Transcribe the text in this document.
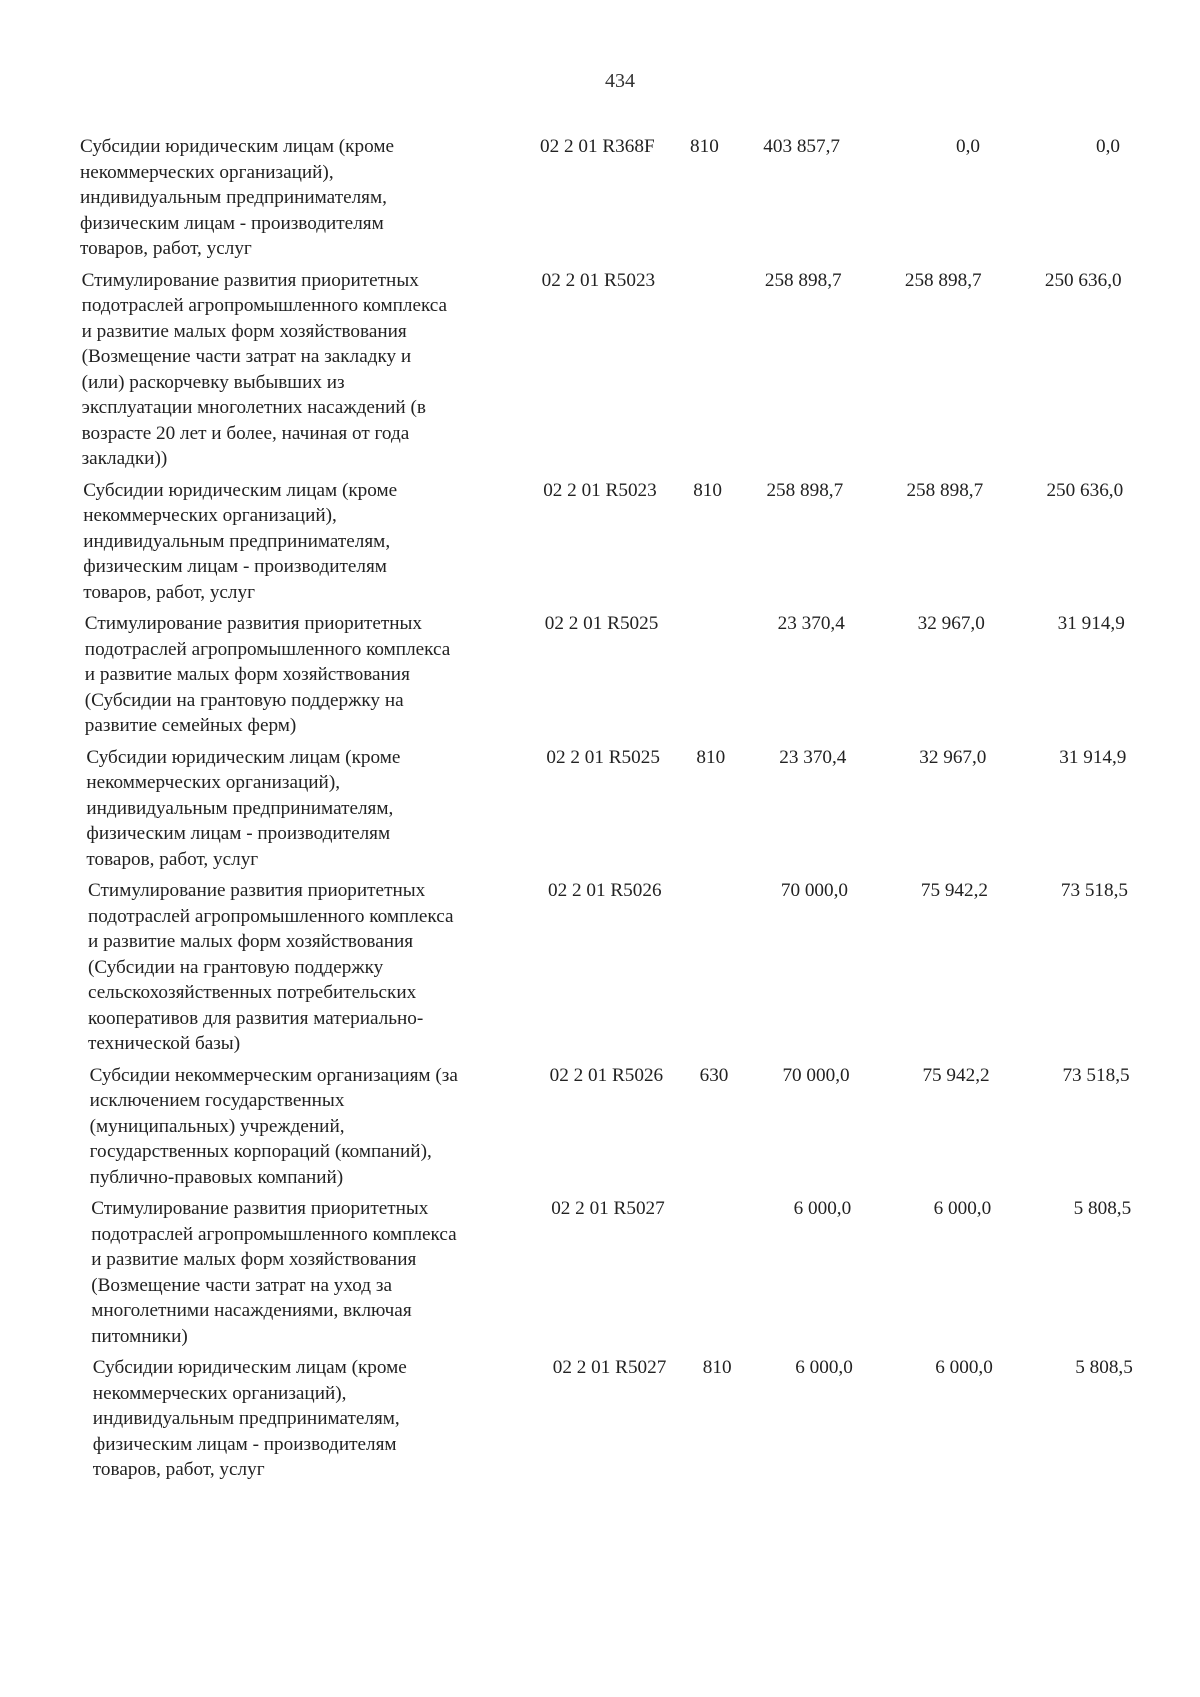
434
Субсидии юридическим лицам (кроме
некоммерческих организаций),
индивидуальным предпринимателям,
физическим лицам - производителям
товаров, работ, услуг
02 2 01 R368F 810 403 857,7	0,0	0,0
Стимулирование развития приоритетных
подотраслей агропромышленного комплекса
и развитие малых форм хозяйствования
(Возмещение части затрат на закладку и
(или) раскорчевку выбывших из
эксплуатации многолетних насаждений (в
возрасте 20 лет и более, начиная от года
закладки))
02 2 01 R5023	258 898,7	258 898,7	250 636,0
Субсидии юридическим лицам (кроме
некоммерческих организаций),
индивидуальным предпринимателям,
физическим лицам - производителям
товаров, работ, услуг
02 2 01 R5023 810 258 898,7	258 898,7	250 636,0
Стимулирование развития приоритетных
подотраслей агропромышленного комплекса
и развитие малых форм хозяйствования
(Субсидии на грантовую поддержку на
развитие семейных ферм)
02 2 01 R5025	23 370,4	32 967,0	31 914,9
Субсидии юридическим лицам (кроме
некоммерческих организаций),
индивидуальным предпринимателям,
физическим лицам - производителям
товаров, работ, услуг
02 2 01 R5025 810	23 370,4	32 967,0	31 914,9
Стимулирование развития приоритетных
подотраслей агропромышленного комплекса
и развитие малых форм хозяйствования
(Субсидии на грантовую поддержку
сельскохозяйственных потребительских
кооперативов для развития материально-
технической базы)
02 2 01 R5026	70 000,0	75 942,2	73 518,5
Субсидии некоммерческим организациям (за
исключением государственных
(муниципальных) учреждений,
государственных корпораций (компаний),
публично-правовых компаний)
02 2 01 R5026 630	70 000,0	75 942,2	73 518,5
Стимулирование развития приоритетных
подотраслей агропромышленного комплекса
и развитие малых форм хозяйствования
(Возмещение части затрат на уход за
многолетними насаждениями, включая
питомники)
02 2 01 R5027	6 000,0	6 000,0	5 808,5
Субсидии юридическим лицам (кроме
некоммерческих организаций),
индивидуальным предпринимателям,
физическим лицам - производителям
товаров, работ, услуг
02 2 01 R5027 810	6 000,0	6 000,0	5 808,5
